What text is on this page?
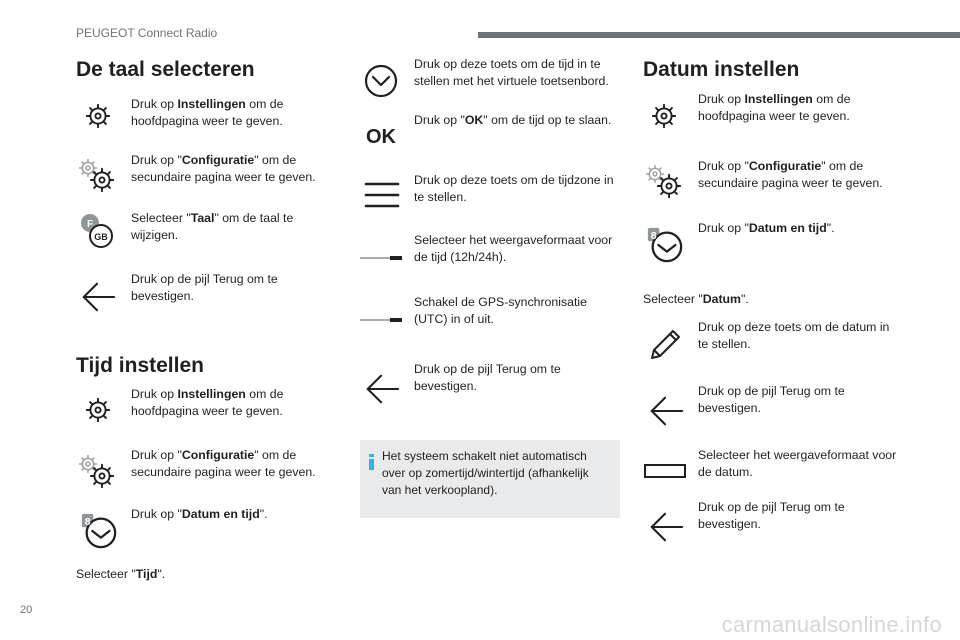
PEUGEOT Connect Radio
De taal selecteren
Druk op Instellingen om de hoofdpagina weer te geven.
Druk op "Configuratie" om de secundaire pagina weer te geven.
F
GB
Selecteer "Taal" om de taal te wijzigen.
Druk op de pijl Terug om te bevestigen.
Tijd instellen
Druk op Instellingen om de hoofdpagina weer te geven.
Druk op "Configuratie" om de secundaire pagina weer te geven.
8
Druk op "Datum en tijd".
Selecteer "Tijd".
Druk op deze toets om de tijd in te stellen met het virtuele toetsenbord.
OK
Druk op "OK" om de tijd op te slaan.
Druk op deze toets om de tijdzone in te stellen.
Selecteer het weergaveformaat voor de tijd (12h/24h).
Schakel de GPS-synchronisatie (UTC) in of uit.
Druk op de pijl Terug om te bevestigen.
Het systeem schakelt niet automatisch over op zomertijd/wintertijd (afhankelijk van het verkoopland).
Datum instellen
Druk op Instellingen om de hoofdpagina weer te geven.
Druk op "Configuratie" om de secundaire pagina weer te geven.
8
Druk op "Datum en tijd".
Selecteer "Datum".
Druk op deze toets om de datum in te stellen.
Druk op de pijl Terug om te bevestigen.
Selecteer het weergaveformaat voor de datum.
Druk op de pijl Terug om te bevestigen.
20
carmanualsonline.info
